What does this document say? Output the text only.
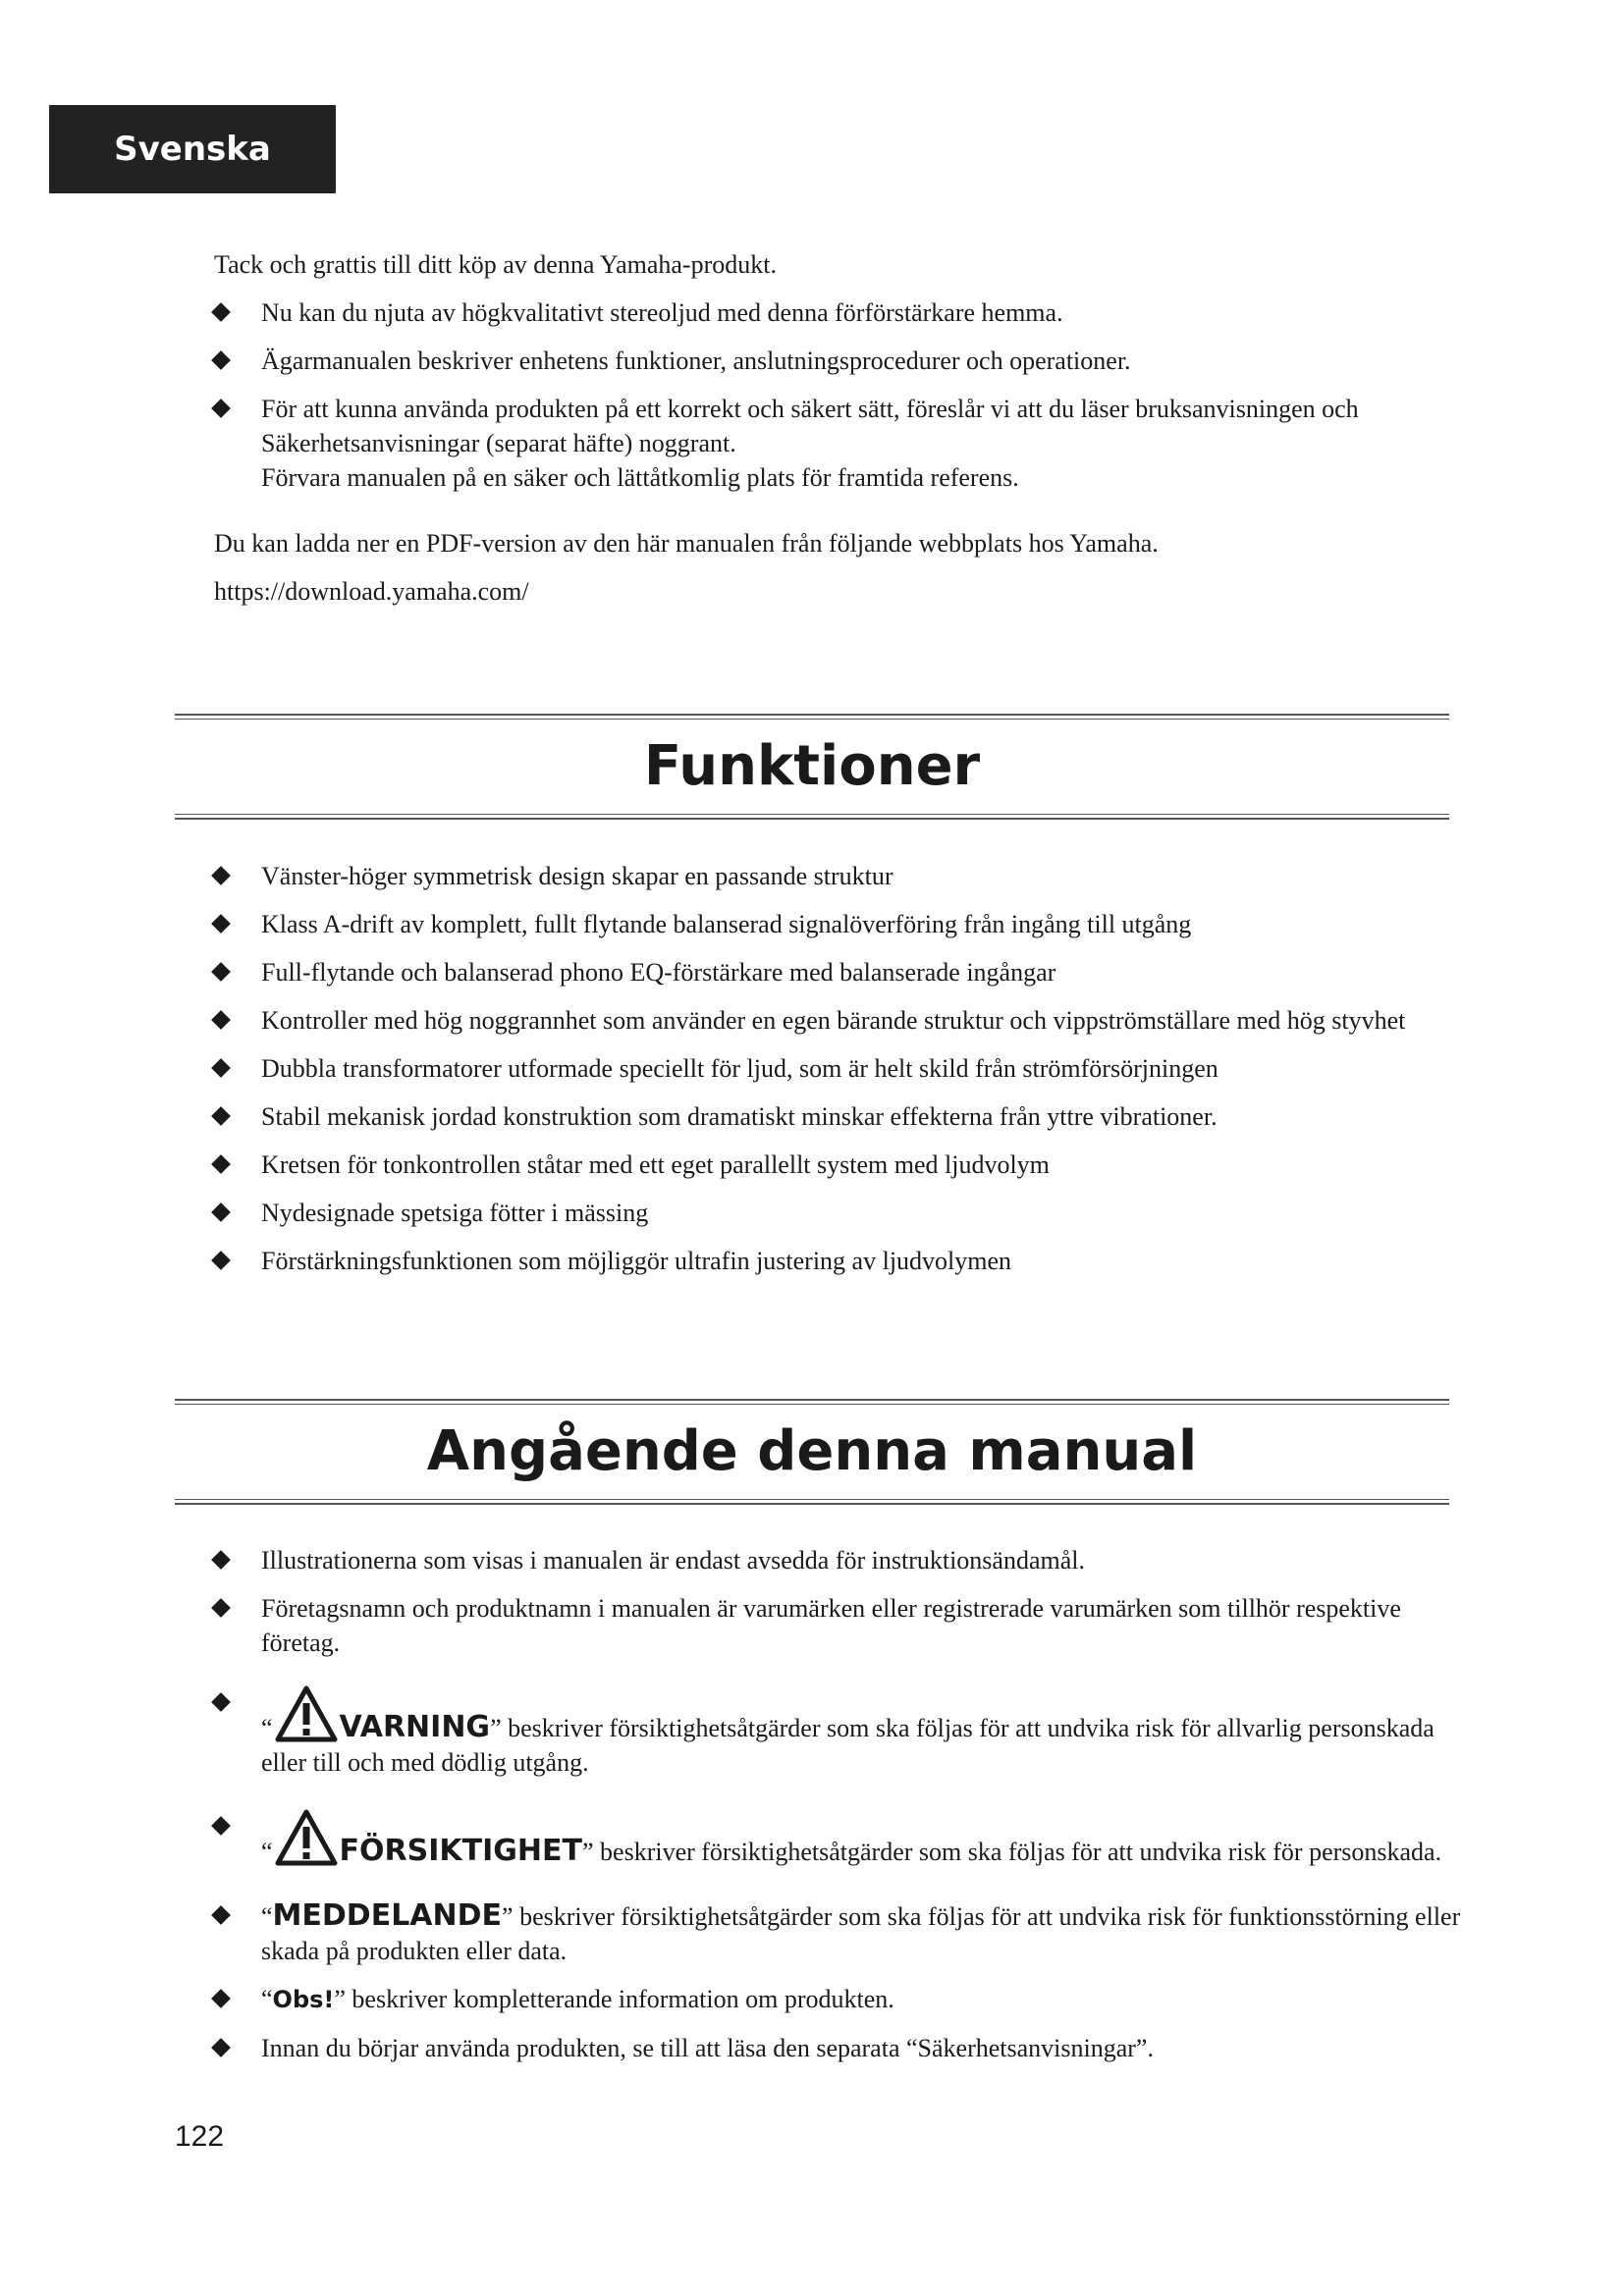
Svenska

Tack och grattis till ditt köp av denna Yamaha-produkt.

Nu kan du njuta av högkvalitativt stereoljud med denna förförstärkare hemma.
Ägarmanualen beskriver enhetens funktioner, anslutningsprocedurer och operationer.
För att kunna använda produkten på ett korrekt och säkert sätt, föreslår vi att du läser bruksanvisningen och Säkerhetsanvisningar (separat häfte) noggrant.
Förvara manualen på en säker och lättåtkomlig plats för framtida referens.

Du kan ladda ner en PDF-version av den här manualen från följande webbplats hos Yamaha.

https://download.yamaha.com/

Funktioner
Vänster-höger symmetrisk design skapar en passande struktur
Klass A-drift av komplett, fullt flytande balanserad signalöverföring från ingång till utgång
Full-flytande och balanserad phono EQ-förstärkare med balanserade ingångar
Kontroller med hög noggrannhet som använder en egen bärande struktur och vippströmställare med hög styvhet
Dubbla transformatorer utformade speciellt för ljud, som är helt skild från strömförsörjningen
Stabil mekanisk jordad konstruktion som dramatiskt minskar effekterna från yttre vibrationer.
Kretsen för tonkontrollen ståtar med ett eget parallellt system med ljudvolym
Nydesignade spetsiga fötter i mässing
Förstärkningsfunktionen som möjliggör ultrafin justering av ljudvolymen
Angående denna manual
Illustrationerna som visas i manualen är endast avsedda för instruktionsändamål.
Företagsnamn och produktnamn i manualen är varumärken eller registrerade varumärken som tillhör respektive företag.
“ VARNING” beskriver försiktighetsåtgärder som ska följas för att undvika risk för allvarlig personskada eller till och med dödlig utgång.
“ FÖRSIKTIGHET” beskriver försiktighetsåtgärder som ska följas för att undvika risk för personskada.
“MEDDELANDE” beskriver försiktighetsåtgärder som ska följas för att undvika risk för funktionsstörning eller skada på produkten eller data.
“Obs!” beskriver kompletterande information om produkten.
Innan du börjar använda produkten, se till att läsa den separata “Säkerhetsanvisningar”.
122
